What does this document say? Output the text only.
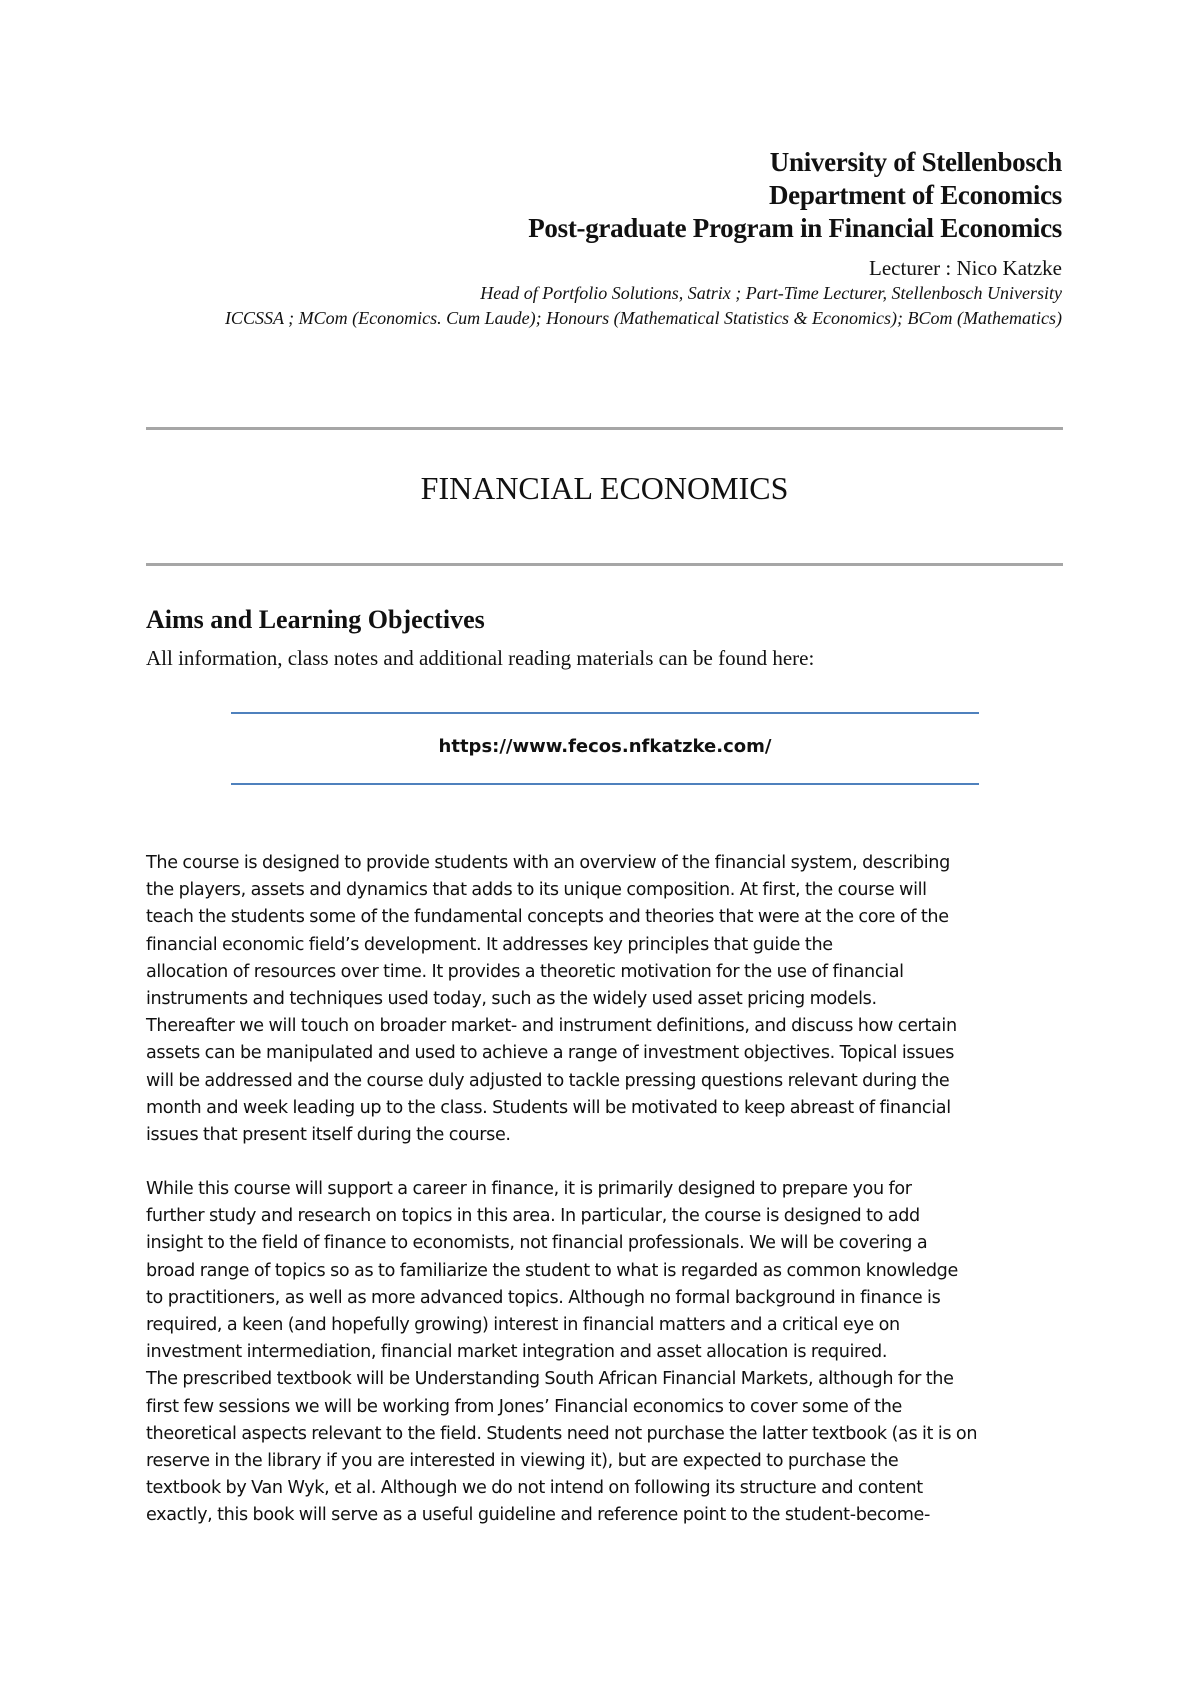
University of Stellenbosch
Department of Economics
Post-graduate Program in Financial Economics
Lecturer : Nico Katzke
Head of Portfolio Solutions, Satrix ; Part-Time Lecturer, Stellenbosch University
ICCSSA ; MCom (Economics. Cum Laude); Honours (Mathematical Statistics & Economics); BCom (Mathematics)
FINANCIAL ECONOMICS
Aims and Learning Objectives
All information, class notes and additional reading materials can be found here:
https://www.fecos.nfkatzke.com/

The course is designed to provide students with an overview of the financial system, describing
the players, assets and dynamics that adds to its unique composition. At first, the course will
teach the students some of the fundamental concepts and theories that were at the core of the
financial economic field’s development. It addresses key principles that guide the
allocation of resources over time. It provides a theoretic motivation for the use of financial
instruments and techniques used today, such as the widely used asset pricing models.
Thereafter we will touch on broader market- and instrument definitions, and discuss how certain
assets can be manipulated and used to achieve a range of investment objectives. Topical issues
will be addressed and the course duly adjusted to tackle pressing questions relevant during the
month and week leading up to the class. Students will be motivated to keep abreast of financial
issues that present itself during the course.

While this course will support a career in finance, it is primarily designed to prepare you for
further study and research on topics in this area. In particular, the course is designed to add
insight to the field of finance to economists, not financial professionals. We will be covering a
broad range of topics so as to familiarize the student to what is regarded as common knowledge
to practitioners, as well as more advanced topics. Although no formal background in finance is
required, a keen (and hopefully growing) interest in financial matters and a critical eye on
investment intermediation, financial market integration and asset allocation is required.
The prescribed textbook will be Understanding South African Financial Markets, although for the
first few sessions we will be working from Jones’ Financial economics to cover some of the
theoretical aspects relevant to the field. Students need not purchase the latter textbook (as it is on
reserve in the library if you are interested in viewing it), but are expected to purchase the
textbook by Van Wyk, et al. Although we do not intend on following its structure and content
exactly, this book will serve as a useful guideline and reference point to the student-become-
